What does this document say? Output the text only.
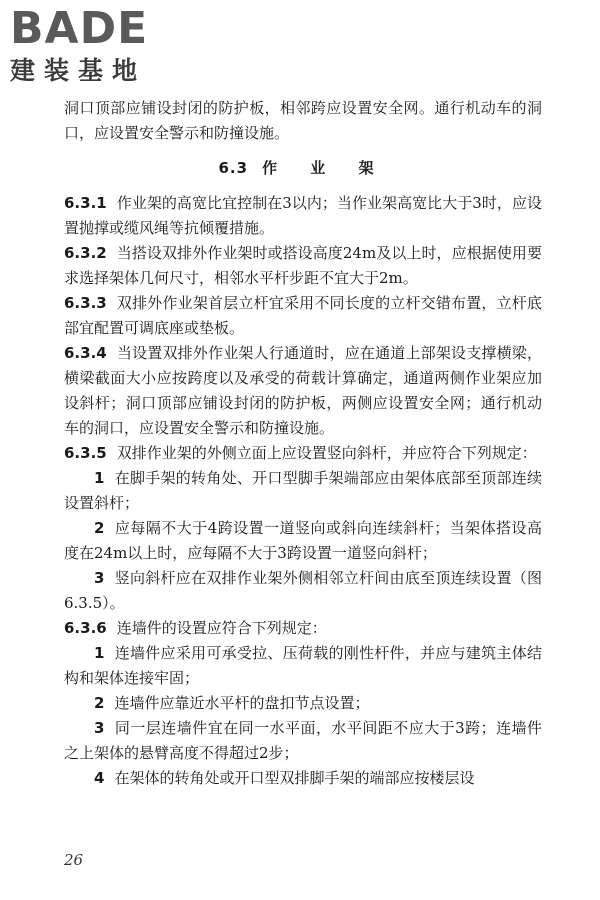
BADE
建装基地

洞口顶部应铺设封闭的防护板，相邻跨应设置安全网。通行机动车的洞口，应设置安全警示和防撞设施。

6.3 作 业 架

6.3.1 作业架的高宽比宜控制在3以内；当作业架高宽比大于3时，应设置抛撑或缆风绳等抗倾覆措施。

6.3.2 当搭设双排外作业架时或搭设高度24m及以上时，应根据使用要求选择架体几何尺寸，相邻水平杆步距不宜大于2m。

6.3.3 双排外作业架首层立杆宜采用不同长度的立杆交错布置，立杆底部宜配置可调底座或垫板。

6.3.4 当设置双排外作业架人行通道时，应在通道上部架设支撑横梁，横梁截面大小应按跨度以及承受的荷载计算确定，通道两侧作业架应加设斜杆；洞口顶部应铺设封闭的防护板，两侧应设置安全网；通行机动车的洞口，应设置安全警示和防撞设施。

6.3.5 双排作业架的外侧立面上应设置竖向斜杆，并应符合下列规定：

1 在脚手架的转角处、开口型脚手架端部应由架体底部至顶部连续设置斜杆；

2 应每隔不大于4跨设置一道竖向或斜向连续斜杆；当架体搭设高度在24m以上时，应每隔不大于3跨设置一道竖向斜杆；

3 竖向斜杆应在双排作业架外侧相邻立杆间由底至顶连续设置（图6.3.5）。

6.3.6 连墙件的设置应符合下列规定：

1 连墙件应采用可承受拉、压荷载的刚性杆件，并应与建筑主体结构和架体连接牢固；

2 连墙件应靠近水平杆的盘扣节点设置；

3 同一层连墙件宜在同一水平面，水平间距不应大于3跨；连墙件之上架体的悬臂高度不得超过2步；

4 在架体的转角处或开口型双排脚手架的端部应按楼层设

26
